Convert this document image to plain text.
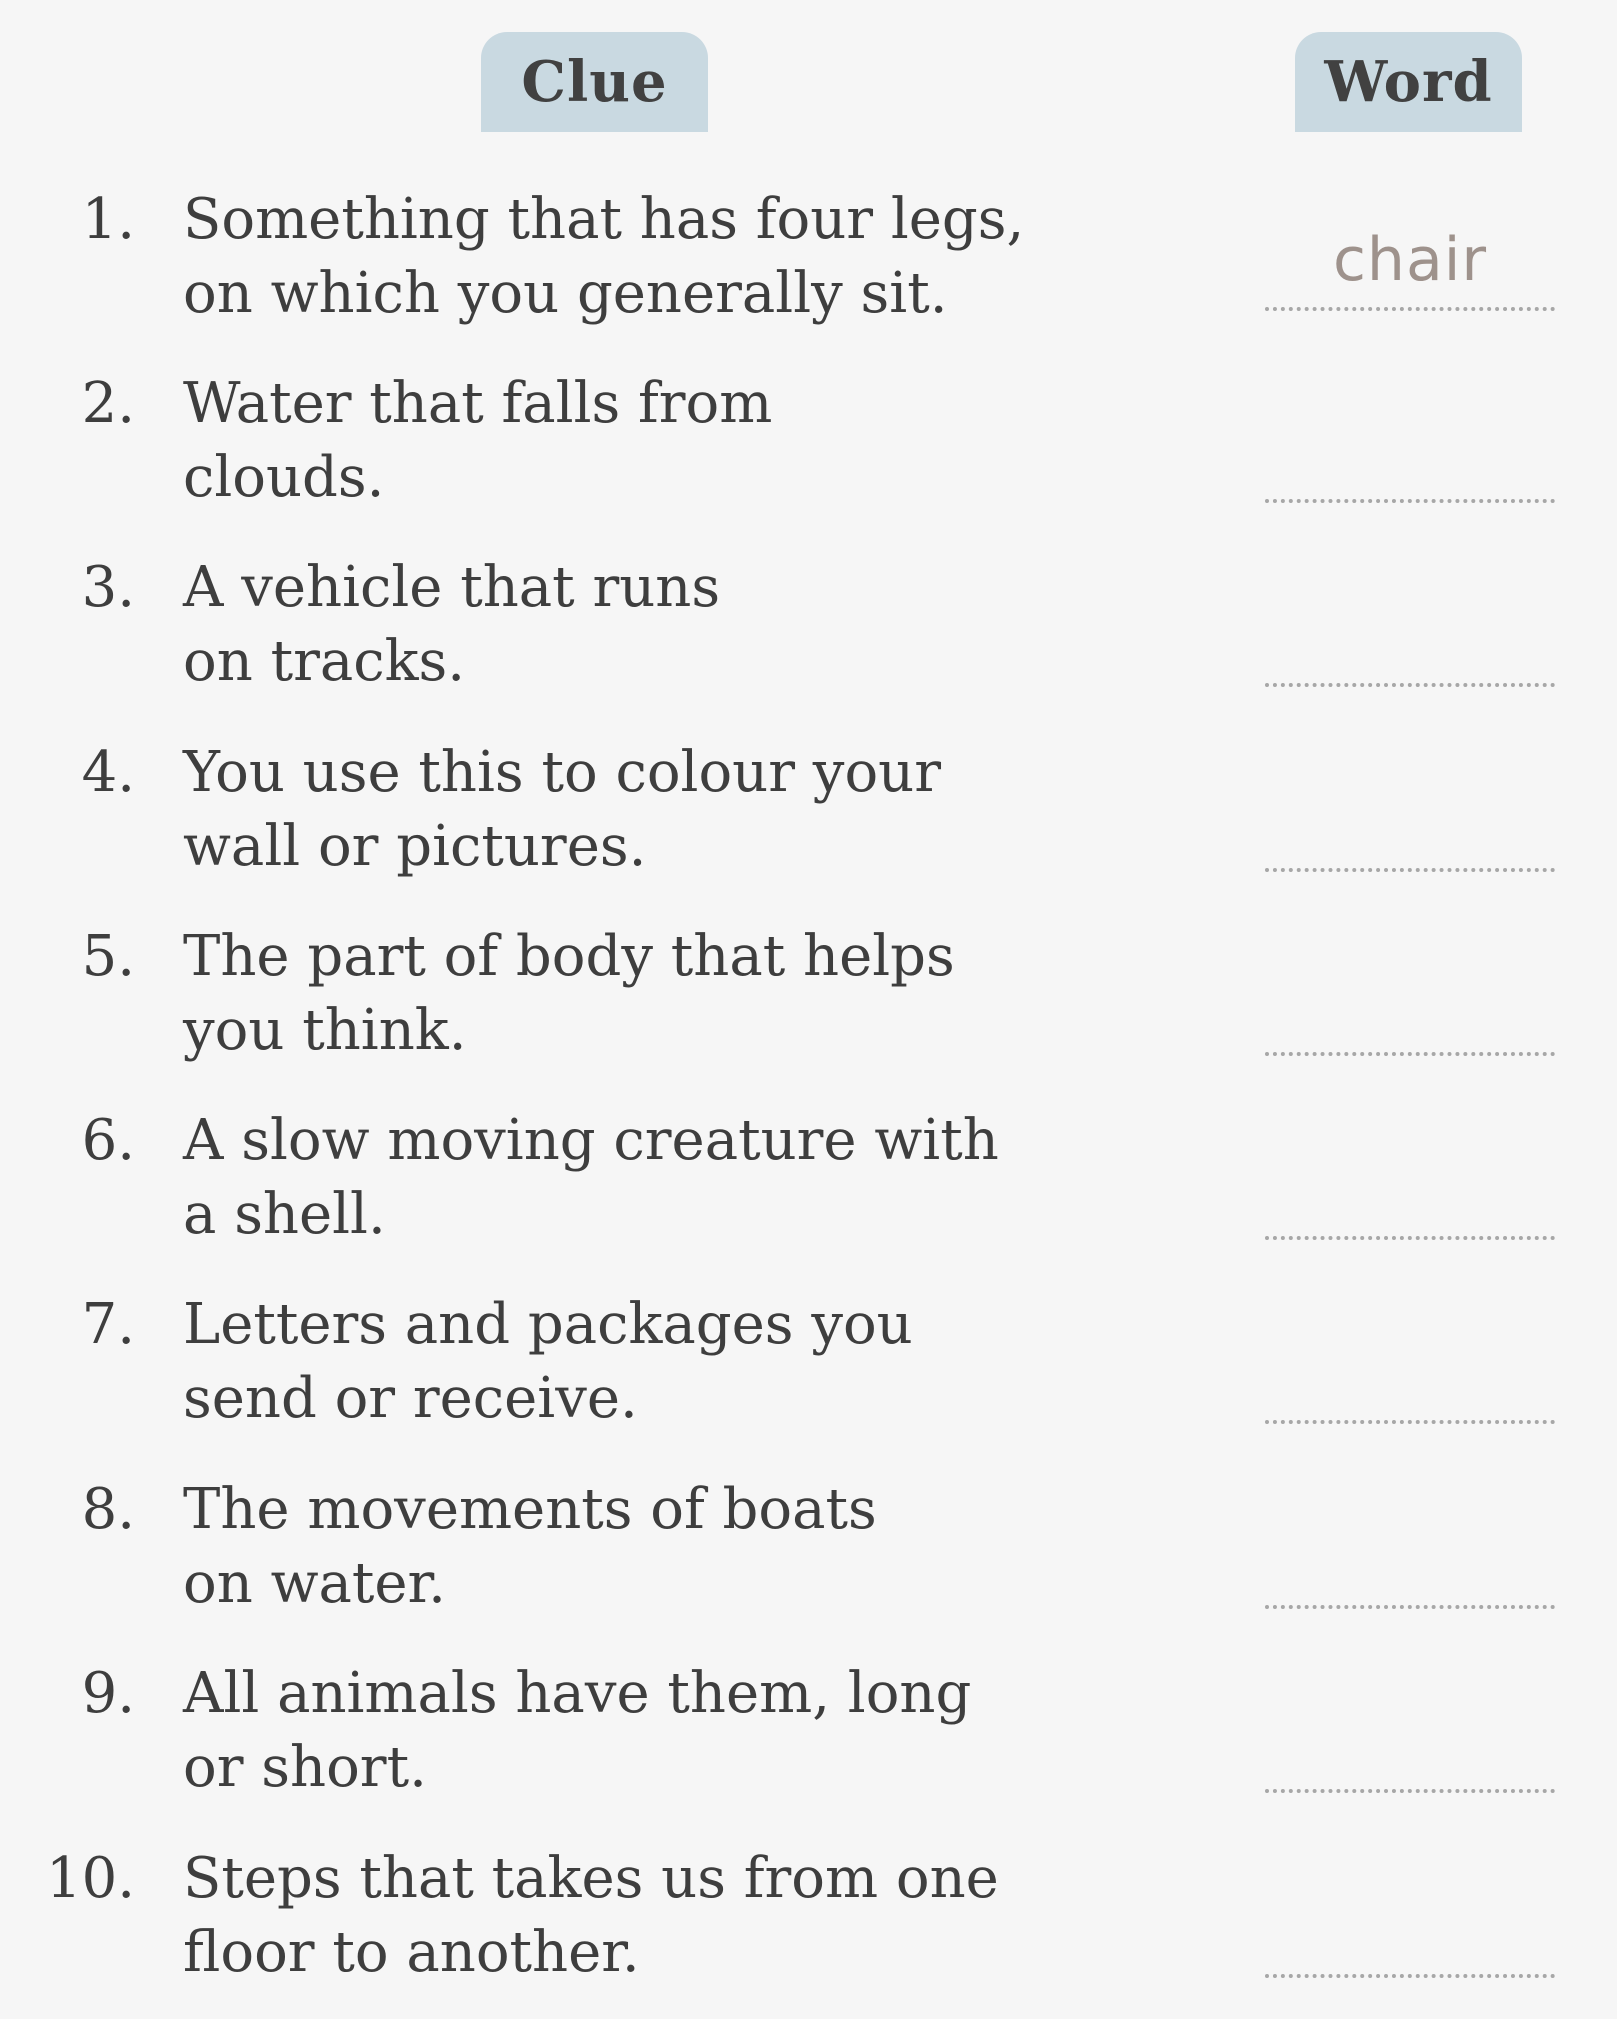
Clue	Word
1. Something that has four legs,
on which you generally sit.	chair
2. Water that falls from
clouds.
3. A vehicle that runs
on tracks.
4. You use this to colour your
wall or pictures.
5. The part of body that helps
you think.
6. A slow moving creature with
a shell.
7. Letters and packages you
send or receive.
8. The movements of boats
on water.
9. All animals have them, long
or short.
10. Steps that takes us from one
floor to another.
